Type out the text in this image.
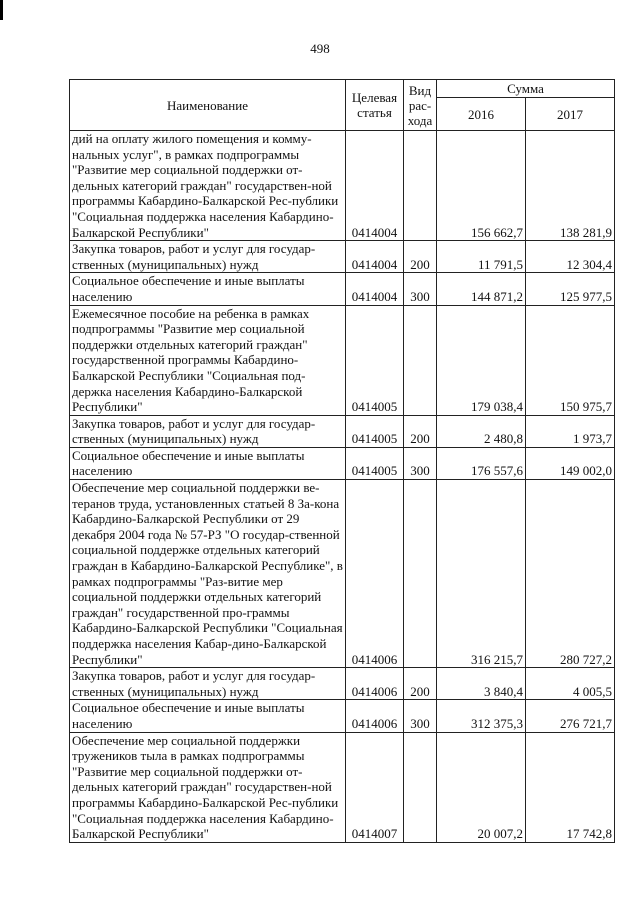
498
Наименование	Целевая статья	Вид рас-хода	Сумма	
			2016	2017
дий на оплату жилого помещения и комму-нальных услуг", в рамках подпрограммы "Развитие мер социальной поддержки от-дельных категорий граждан" государствен-ной программы Кабардино-Балкарской Рес-публики "Социальная поддержка населения Кабардино-Балкарской Республики"	0414004		156 662,7	138 281,9
Закупка товаров, работ и услуг для государ-ственных (муниципальных) нужд	0414004	200	11 791,5	12 304,4
Социальное обеспечение и иные выплаты населению	0414004	300	144 871,2	125 977,5
Ежемесячное пособие на ребенка в рамках подпрограммы "Развитие мер социальной поддержки отдельных категорий граждан" государственной программы Кабардино-Балкарской Республики "Социальная под-держка населения Кабардино-Балкарской Республики"	0414005		179 038,4	150 975,7
Закупка товаров, работ и услуг для государ-ственных (муниципальных) нужд	0414005	200	2 480,8	1 973,7
Социальное обеспечение и иные выплаты населению	0414005	300	176 557,6	149 002,0
Обеспечение мер социальной поддержки ве-теранов труда, установленных статьей 8 За-кона Кабардино-Балкарской Республики от 29 декабря 2004 года № 57-РЗ "О государ-ственной социальной поддержке отдельных категорий граждан в Кабардино-Балкарской Республике", в рамках подпрограммы "Раз-витие мер социальной поддержки отдельных категорий граждан" государственной про-граммы Кабардино-Балкарской Республики "Социальная поддержка населения Кабар-дино-Балкарской Республики"	0414006		316 215,7	280 727,2
Закупка товаров, работ и услуг для государ-ственных (муниципальных) нужд	0414006	200	3 840,4	4 005,5
Социальное обеспечение и иные выплаты населению	0414006	300	312 375,3	276 721,7
Обеспечение мер социальной поддержки тружеников тыла в рамках подпрограммы "Развитие мер социальной поддержки от-дельных категорий граждан" государствен-ной программы Кабардино-Балкарской Рес-публики "Социальная поддержка населения Кабардино-Балкарской Республики"	0414007		20 007,2	17 742,8
